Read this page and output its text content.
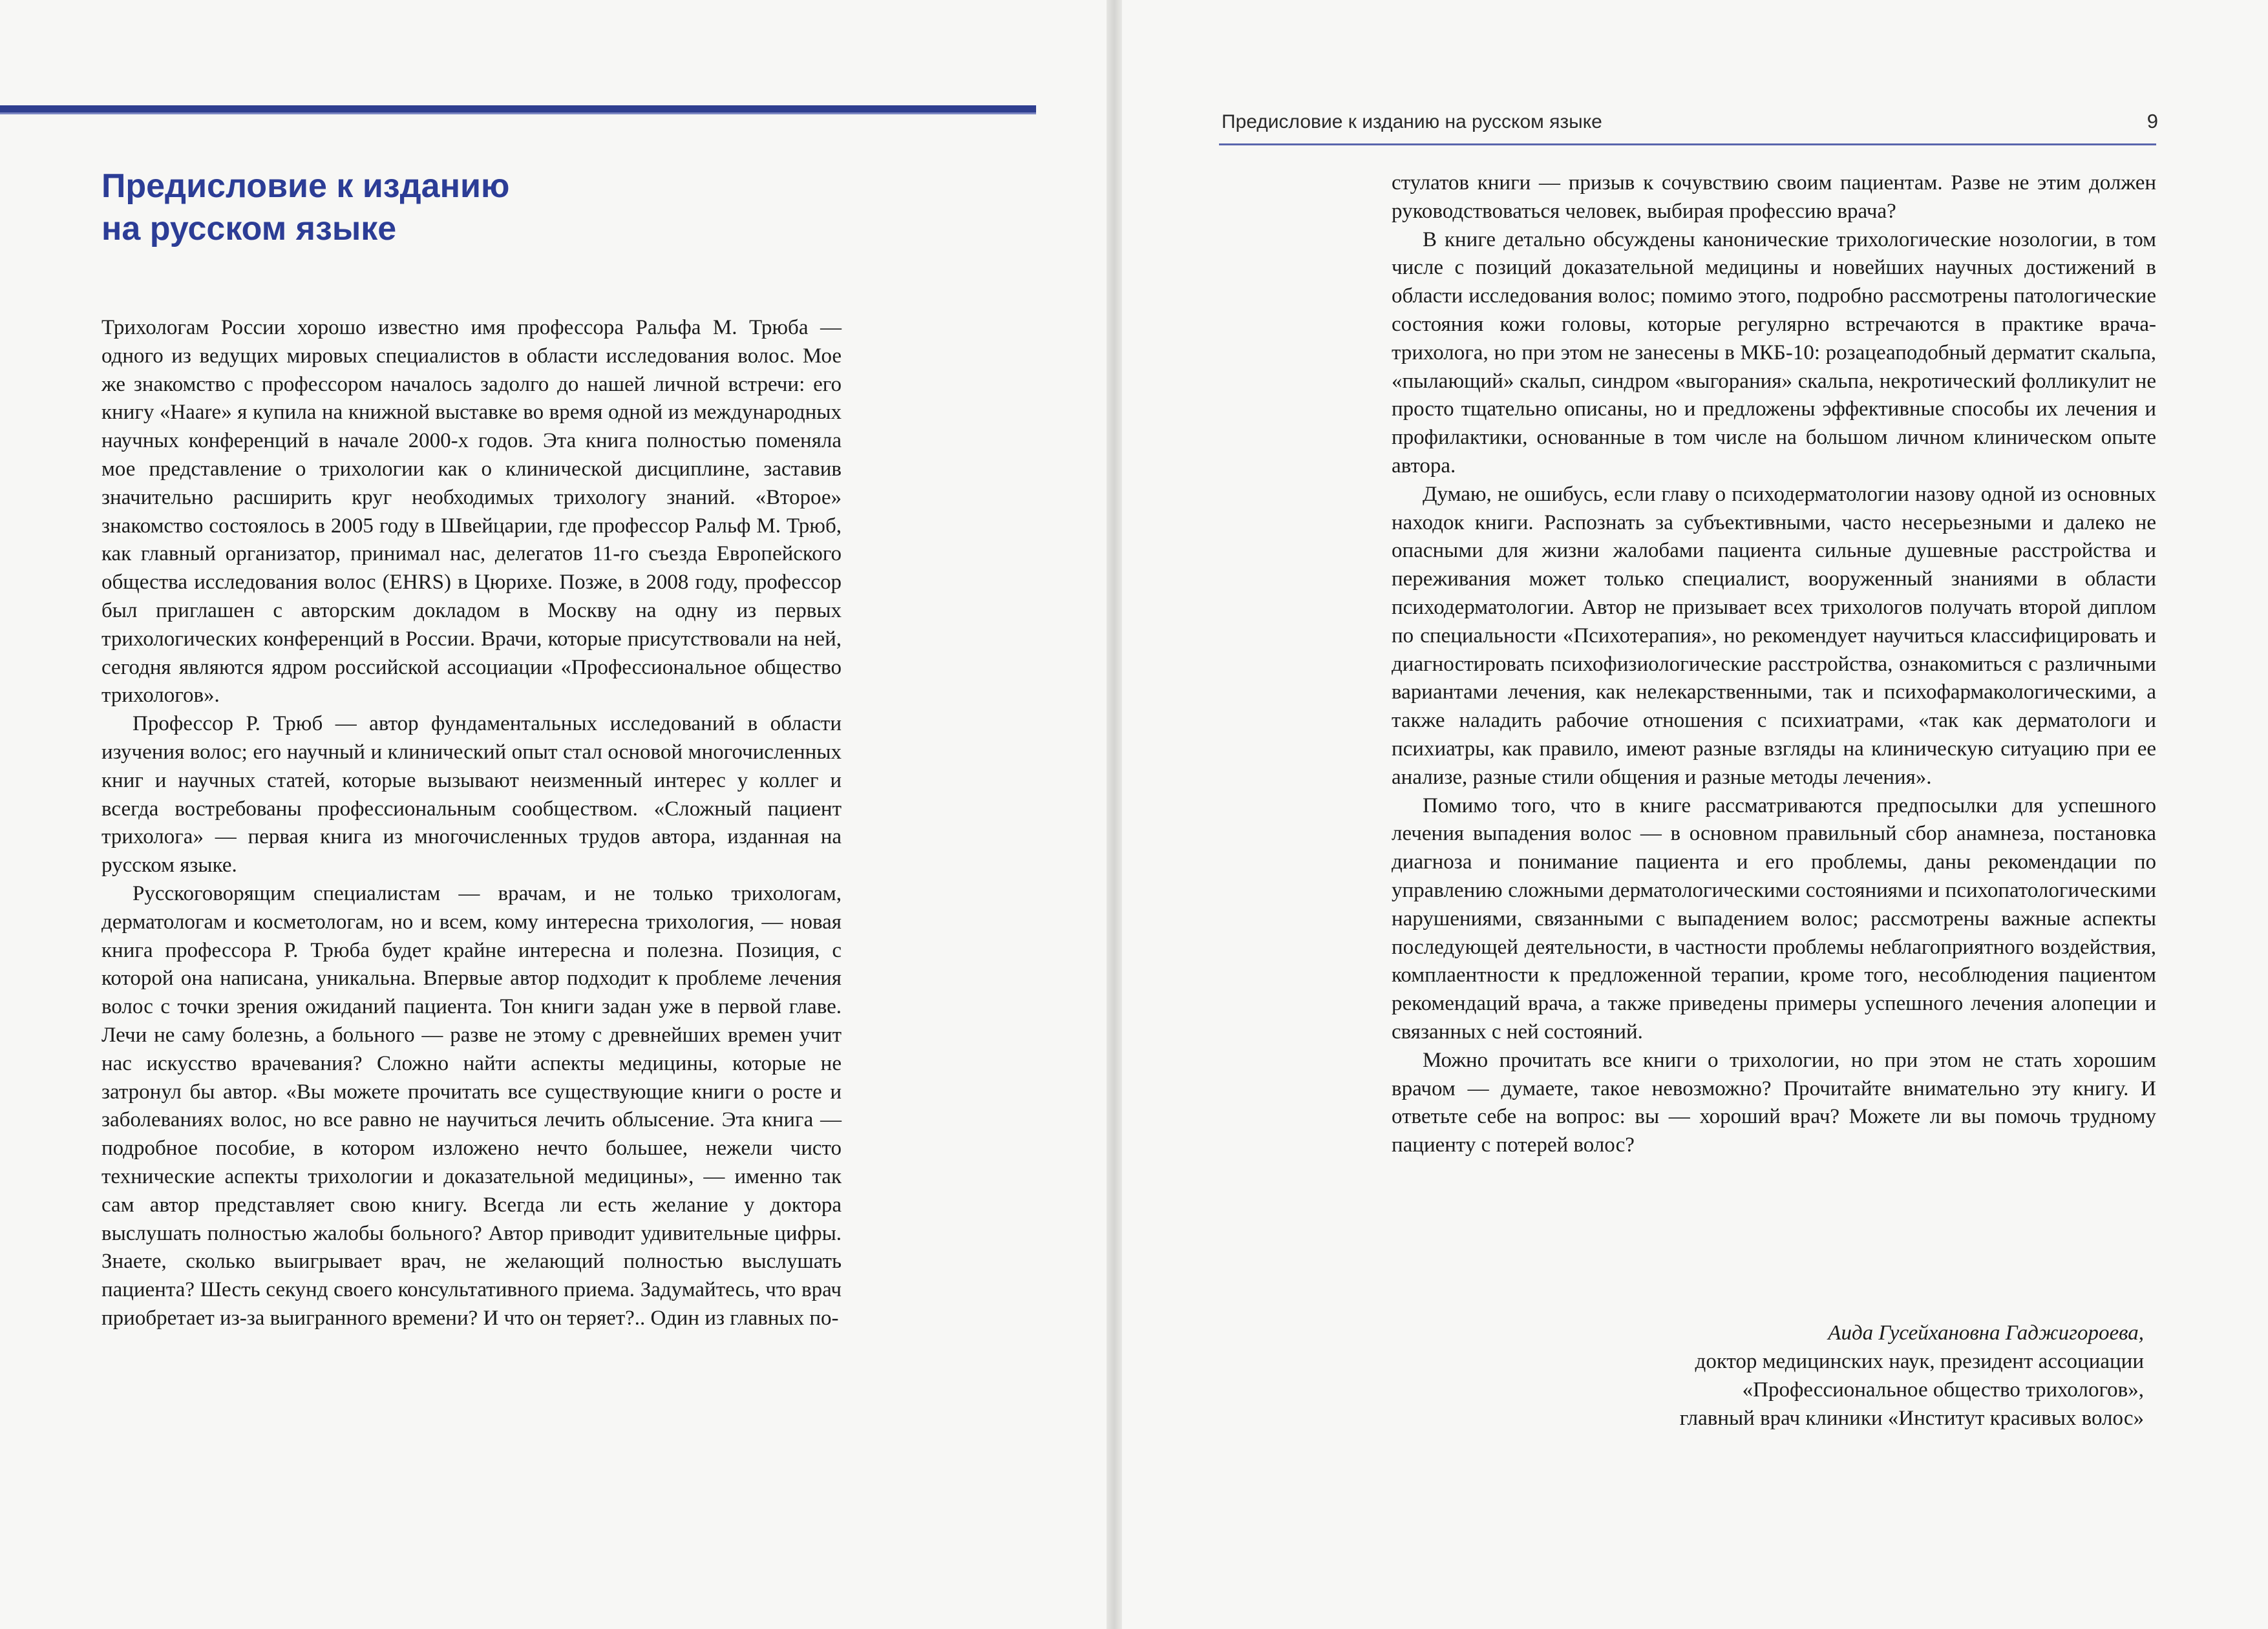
Предисловие к изданию
на русском языке

Трихологам России хорошо известно имя профессора Ральфа М. Трюба — одного из ведущих мировых специалистов в области исследования волос. Мое же знакомство с профессором началось задолго до нашей личной встречи: его книгу «Haare» я купила на книжной выставке во время одной из международных научных конференций в начале 2000-х годов. Эта книга полностью поменяла мое представление о трихологии как о клинической дисциплине, заставив значительно расширить круг необходимых трихологу знаний. «Второе» знакомство состоялось в 2005 году в Швейцарии, где профессор Ральф М. Трюб, как главный организатор, принимал нас, делегатов 11-го съезда Европейского общества исследования волос (EHRS) в Цюрихе. Позже, в 2008 году, профессор был приглашен с авторским докладом в Москву на одну из первых трихологических конференций в России. Врачи, которые присутствовали на ней, сегодня являются ядром российской ассоциации «Профессиональное общество трихологов».

Профессор Р. Трюб — автор фундаментальных исследований в области изучения волос; его научный и клинический опыт стал основой многочисленных книг и научных статей, которые вызывают неизменный интерес у коллег и всегда востребованы профессиональным сообществом. «Сложный пациент трихолога» — первая книга из многочисленных трудов автора, изданная на русском языке.

Русскоговорящим специалистам — врачам, и не только трихологам, дерматологам и косметологам, но и всем, кому интересна трихология, — новая книга профессора Р. Трюба будет крайне интересна и полезна. Позиция, с которой она написана, уникальна. Впервые автор подходит к проблеме лечения волос с точки зрения ожиданий пациента. Тон книги задан уже в первой главе. Лечи не саму болезнь, а больного — разве не этому с древнейших времен учит нас искусство врачевания? Сложно найти аспекты медицины, которые не затронул бы автор. «Вы можете прочитать все существующие книги о росте и заболеваниях волос, но все равно не научиться лечить облысение. Эта книга — подробное пособие, в котором изложено нечто большее, нежели чисто технические аспекты трихологии и доказательной медицины», — именно так сам автор представляет свою книгу. Всегда ли есть желание у доктора выслушать полностью жалобы больного? Автор приводит удивительные цифры. Знаете, сколько выигрывает врач, не желающий полностью выслушать пациента? Шесть секунд своего консультативного приема. Задумайтесь, что врач приобретает из-за выигранного времени? И что он теряет?.. Один из главных по-

Предисловие к изданию на русском языке	9

стулатов книги — призыв к сочувствию своим пациентам. Разве не этим должен руководствоваться человек, выбирая профессию врача?

В книге детально обсуждены канонические трихологические нозологии, в том числе с позиций доказательной медицины и новейших научных достижений в области исследования волос; помимо этого, подробно рассмотрены патологические состояния кожи головы, которые регулярно встречаются в практике врача-трихолога, но при этом не занесены в МКБ-10: розацеаподобный дерматит скальпа, «пылающий» скальп, синдром «выгорания» скальпа, некротический фолликулит не просто тщательно описаны, но и предложены эффективные способы их лечения и профилактики, основанные в том числе на большом личном клиническом опыте автора.

Думаю, не ошибусь, если главу о психодерматологии назову одной из основных находок книги. Распознать за субъективными, часто несерьезными и далеко не опасными для жизни жалобами пациента сильные душевные расстройства и переживания может только специалист, вооруженный знаниями в области психодерматологии. Автор не призывает всех трихологов получать второй диплом по специальности «Психотерапия», но рекомендует научиться классифицировать и диагностировать психофизиологические расстройства, ознакомиться с различными вариантами лечения, как нелекарственными, так и психофармакологическими, а также наладить рабочие отношения с психиатрами, «так как дерматологи и психиатры, как правило, имеют разные взгляды на клиническую ситуацию при ее анализе, разные стили общения и разные методы лечения».

Помимо того, что в книге рассматриваются предпосылки для успешного лечения выпадения волос — в основном правильный сбор анамнеза, постановка диагноза и понимание пациента и его проблемы, даны рекомендации по управлению сложными дерматологическими состояниями и психопатологическими нарушениями, связанными с выпадением волос; рассмотрены важные аспекты последующей деятельности, в частности проблемы неблагоприятного воздействия, комплаентности к предложенной терапии, кроме того, несоблюдения пациентом рекомендаций врача, а также приведены примеры успешного лечения алопеции и связанных с ней состояний.

Можно прочитать все книги о трихологии, но при этом не стать хорошим врачом — думаете, такое невозможно? Прочитайте внимательно эту книгу. И ответьте себе на вопрос: вы — хороший врач? Можете ли вы помочь трудному пациенту с потерей волос?

Аида Гусейхановна Гаджигороева,
доктор медицинских наук, президент ассоциации
«Профессиональное общество трихологов»,
главный врач клиники «Институт красивых волос»
